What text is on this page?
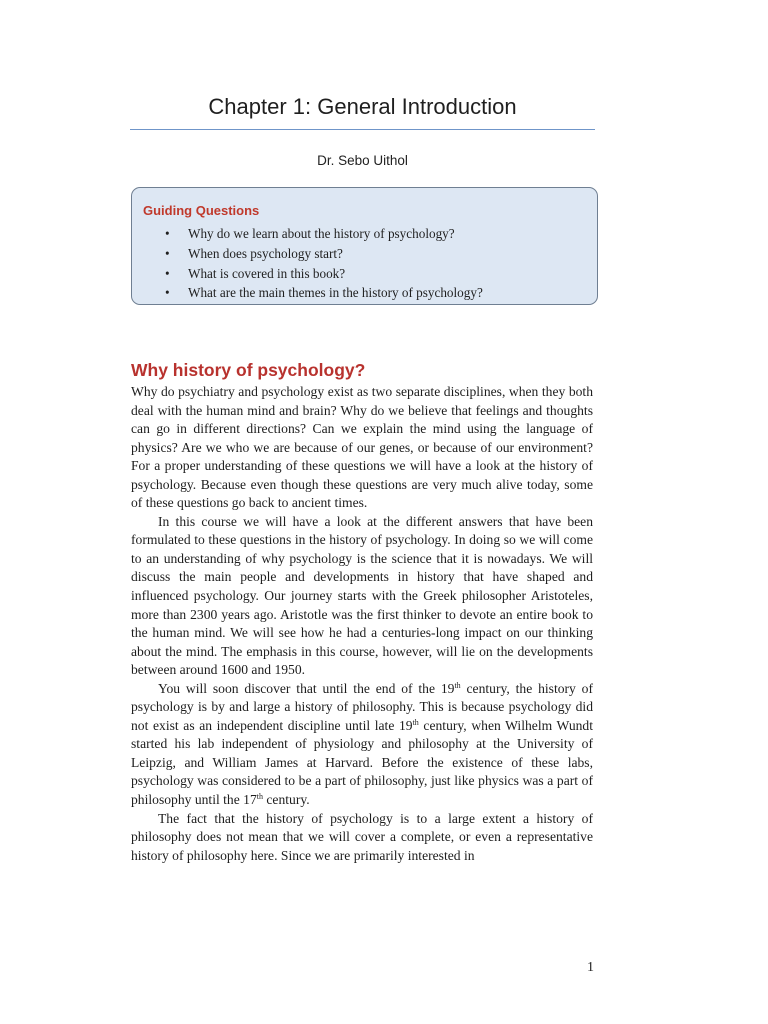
Chapter 1: General Introduction
Dr. Sebo Uithol
Guiding Questions
• Why do we learn about the history of psychology?
• When does psychology start?
• What is covered in this book?
• What are the main themes in the history of psychology?
Why history of psychology?

Why do psychiatry and psychology exist as two separate disciplines, when they both deal with the human mind and brain? Why do we believe that feelings and thoughts can go in different directions? Can we explain the mind using the language of physics? Are we who we are because of our genes, or because of our environment? For a proper understanding of these questions we will have a look at the history of psychology. Because even though these questions are very much alive today, some of these questions go back to ancient times.

In this course we will have a look at the different answers that have been formulated to these questions in the history of psychology. In doing so we will come to an understanding of why psychology is the science that it is nowadays. We will discuss the main people and developments in history that have shaped and influenced psychology. Our journey starts with the Greek philosopher Aristoteles, more than 2300 years ago. Aristotle was the first thinker to devote an entire book to the human mind. We will see how he had a centuries-long impact on our thinking about the mind. The emphasis in this course, however, will lie on the developments between around 1600 and 1950.

You will soon discover that until the end of the 19th century, the history of psychology is by and large a history of philosophy. This is because psychology did not exist as an independent discipline until late 19th century, when Wilhelm Wundt started his lab independent of physiology and philosophy at the University of Leipzig, and William James at Harvard. Before the existence of these labs, psychology was considered to be a part of philosophy, just like physics was a part of philosophy until the 17th century.

The fact that the history of psychology is to a large extent a history of philosophy does not mean that we will cover a complete, or even a representative history of philosophy here. Since we are primarily interested in

1
